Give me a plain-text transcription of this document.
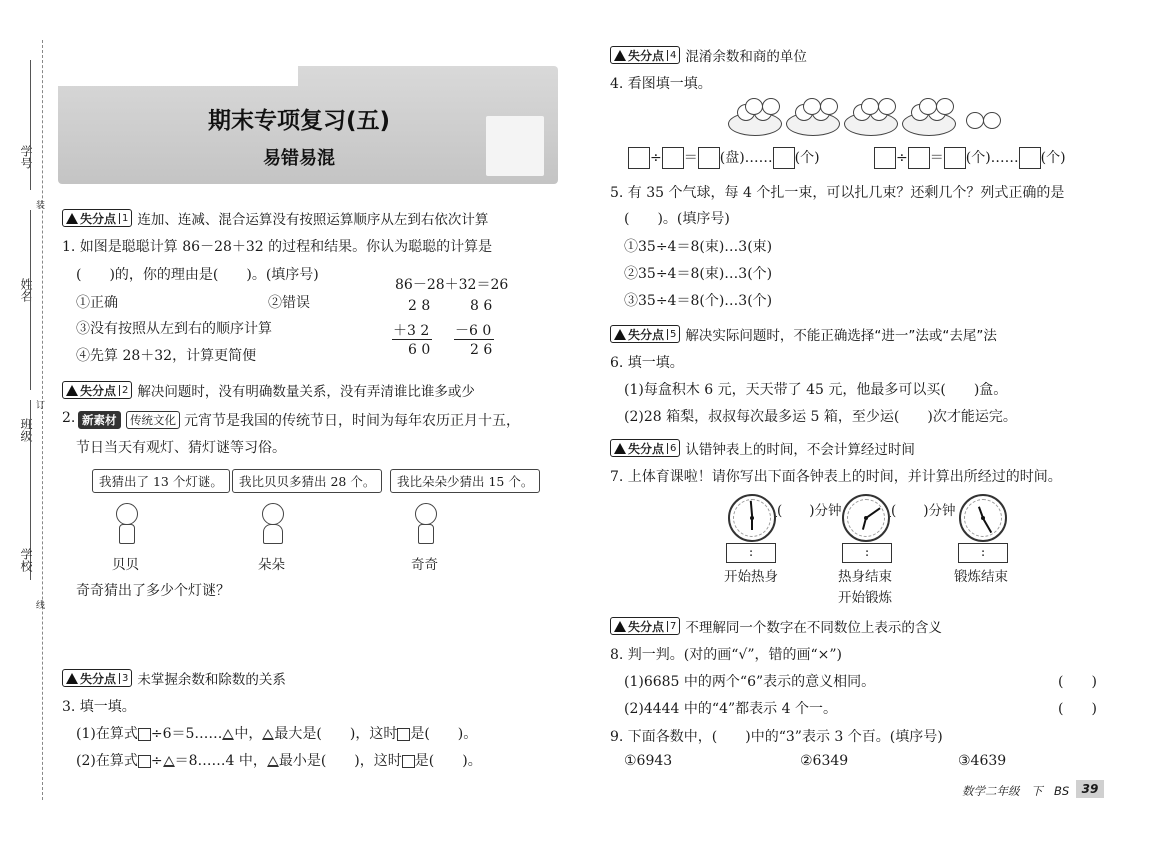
学号
装
姓名
订
班级
学校
线
期末专项复习(五)
易错易混
失分点 1 连加、连减、混合运算没有按照运算顺序从左到右依次计算
1. 如图是聪聪计算 86－28＋32 的过程和结果。你认为聪聪的计算是
(　　)的，你的理由是(　　)。(填序号)
①正确	②错误
③没有按照从左到右的顺序计算
④先算 28＋32，计算更简便
86－28＋32＝26
2 8
＋3 2
6 0
8 6
－6 0
2 6
失分点 2 解决问题时，没有明确数量关系，没有弄清谁比谁多或少
2. 新素材	传统文化 元宵节是我国的传统节日，时间为每年农历正月十五，
节日当天有观灯、猜灯谜等习俗。
我猜出了 13 个灯谜。	我比贝贝多猜出 28 个。	我比朵朵少猜出 15 个。
贝贝	朵朵	奇奇
奇奇猜出了多少个灯谜？
失分点 3 未掌握余数和除数的关系
3. 填一填。
(1)在算式 ÷6＝5…… 中， 最大是(　　)，这时 是(　　)。
(2)在算式 ÷ ＝8……4 中， 最小是(　　)，这时 是(　　)。
失分点 4 混淆余数和商的单位
4. 看图填一填。
÷ ＝ (盘)…… (个)	÷ ＝ (个)…… (个)
5. 有 35 个气球，每 4 个扎一束，可以扎几束？还剩几个？列式正确的是
(　　)。(填序号)
①35÷4＝8(束)…3(束)
②35÷4＝8(束)…3(个)
③35÷4＝8(个)…3(个)
失分点 5 解决实际问题时，不能正确选择“进一”法或“去尾”法
6. 填一填。
(1)每盒积木 6 元，天天带了 45 元，他最多可以买(　　)盒。
(2)28 箱梨，叔叔每次最多运 5 箱，至少运(　　)次才能运完。
失分点 6 认错钟表上的时间，不会计算经过时间
7. 上体育课啦！请你写出下面各钟表上的时间，并计算出所经过的时间。
(　　)分钟	(　　)分钟
:	:	:
开始热身	热身结束
开始锻炼
锻炼结束
失分点 7 不理解同一个数字在不同数位上表示的含义
8. 判一判。(对的画“√”，错的画“×”)
(1)6685 中的两个“6”表示的意义相同。	(　　)
(2)4444 中的“4”都表示 4 个一。	(　　)
9. 下面各数中，(　　)中的“3”表示 3 个百。(填序号)
①6943	②6349	③4639
数学二年级　下　BS	39
